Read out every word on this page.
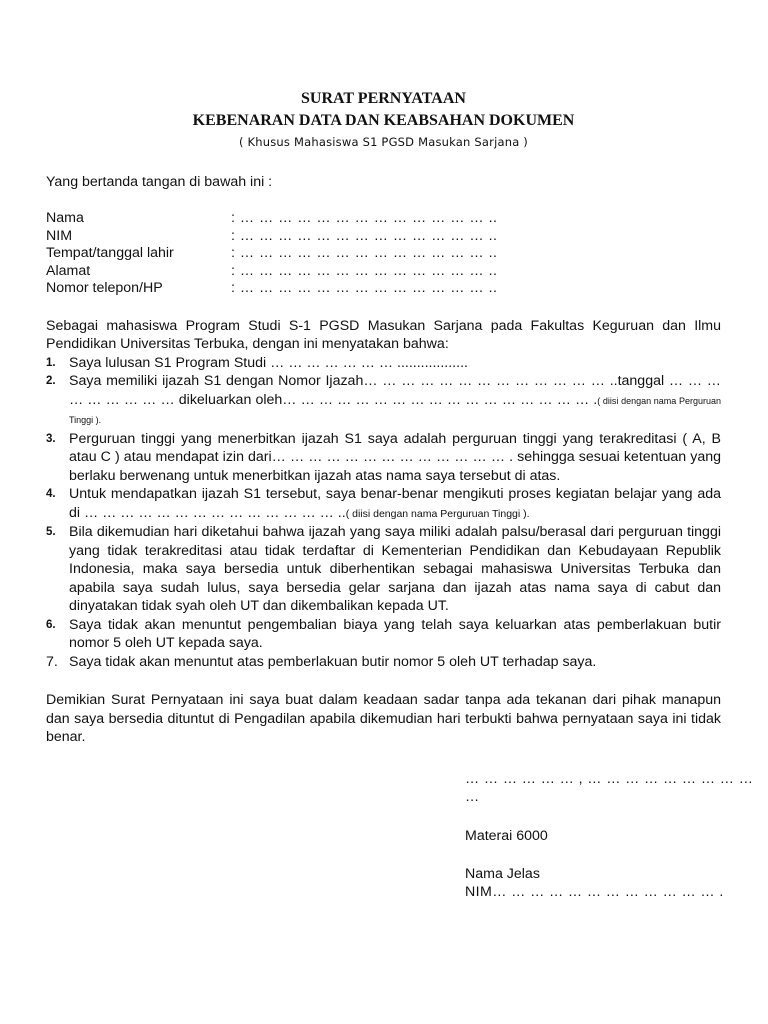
SURAT PERNYATAAN
KEBENARAN DATA DAN KEABSAHAN DOKUMEN
( Khusus Mahasiswa S1 PGSD Masukan Sarjana )
Yang bertanda tangan di bawah ini :
Nama	: … … … … … … … … … … … … … ..
NIM	: … … … … … … … … … … … … … ..
Tempat/tanggal lahir	: … … … … … … … … … … … … … ..
Alamat	: … … … … … … … … … … … … … ..
Nomor telepon/HP	: … … … … … … … … … … … … … ..
Sebagai mahasiswa Program Studi S-1 PGSD Masukan Sarjana pada Fakultas Keguruan dan Ilmu Pendidikan Universitas Terbuka, dengan ini menyatakan bahwa:
1. Saya lulusan S1 Program Studi … … … … … … … ..................
2. Saya memiliki ijazah S1 dengan Nomor Ijazah… … … … … … … … … … … … … ..tanggal … … … … … … … … … dikeluarkan oleh… … … … … … … … … … … … … … … … … .( diisi dengan nama Perguruan Tinggi ).
3. Perguruan tinggi yang menerbitkan ijazah S1 saya adalah perguruan tinggi yang terakreditasi ( A, B atau C ) atau mendapat izin dari… … … … … … … … … … … … … . sehingga sesuai ketentuan yang berlaku berwenang untuk menerbitkan ijazah atas nama saya tersebut di atas.
4. Untuk mendapatkan ijazah S1 tersebut, saya benar-benar mengikuti proses kegiatan belajar yang ada di … … … … … … … … … … … … … … ..( diisi dengan nama Perguruan Tinggi ).
5. Bila dikemudian hari diketahui bahwa ijazah yang saya miliki adalah palsu/berasal dari perguruan tinggi yang tidak terakreditasi atau tidak terdaftar di Kementerian Pendidikan dan Kebudayaan Republik Indonesia, maka saya bersedia untuk diberhentikan sebagai mahasiswa Universitas Terbuka dan apabila saya sudah lulus, saya bersedia gelar sarjana dan ijazah atas nama saya di cabut dan dinyatakan tidak syah oleh UT dan dikembalikan kepada UT.
6. Saya tidak akan menuntut pengembalian biaya yang telah saya keluarkan atas pemberlakuan butir nomor 5 oleh UT kepada saya.
7. Saya tidak akan menuntut atas pemberlakuan butir nomor 5 oleh UT terhadap saya.
Demikian Surat Pernyataan ini saya buat dalam keadaan sadar tanpa ada tekanan dari pihak manapun dan saya bersedia dituntut di Pengadilan apabila dikemudian hari terbukti bahwa pernyataan saya ini tidak benar.
… … … … … … , … … … … … … … … … …
Materai 6000
Nama Jelas
NIM… … … … … … … … … … … … .
